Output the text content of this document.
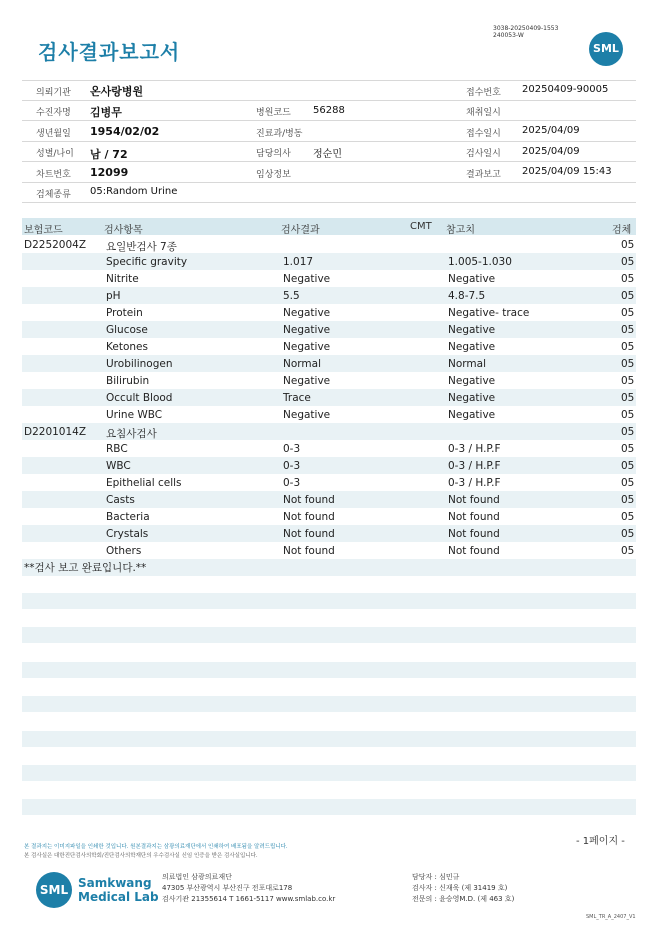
검사결과보고서
3038-20250409-1553
240053-W
SML
의뢰기관 온사랑병원	접수번호 20250409-90005
수진자명 김병무	병원코드 56288	채취일시
생년월일 1954/02/02	진료과/병동	접수일시 2025/04/09
성별/나이 남 / 72	담당의사 정순민	검사일시 2025/04/09
차트번호 12099	임상정보	결과보고 2025/04/09 15:43
검체종류 05:Random Urine
보험코드	검사항목	검사결과	CMT 참고치	검체
D2252004Z 요일반검사 7종	05
Specific gravity	1.017	1.005-1.030	05
Nitrite	Negative	Negative	05
pH	5.5	4.8-7.5	05
Protein	Negative	Negative- trace	05
Glucose	Negative	Negative	05
Ketones	Negative	Negative	05
Urobilinogen	Normal	Normal	05
Bilirubin	Negative	Negative	05
Occult Blood	Trace	Negative	05
Urine WBC	Negative	Negative	05
D2201014Z 요침사검사	05
RBC	0-3	0-3 / H.P.F	05
WBC	0-3	0-3 / H.P.F	05
Epithelial cells	0-3	0-3 / H.P.F	05
Casts	Not found	Not found	05
Bacteria	Not found	Not found	05
Crystals	Not found	Not found	05
Others	Not found	Not found	05
**검사 보고 완료입니다.**
본 결과지는 이미지파일을 인쇄한 것입니다. 원본결과지는 삼광의료재단에서 인쇄하여 배포됨을 알려드립니다.
본 검사실은 대한진단검사의학회/진단검사의학재단의 우수검사실 신임 인증을 받은 검사실입니다.
- 1페이지 -
SML Samkwang
Medical Lab
의료법인 삼광의료재단
47305 부산광역시 부산진구 전포대로178
검사기관 21355614 T 1661-5117 www.smlab.co.kr
담당자 : 심민규
검사자 : 신재욱 (제 31419 호)
전문의 : 윤승영M.D. (제 463 호)
SML_TR_A_2407_V1
